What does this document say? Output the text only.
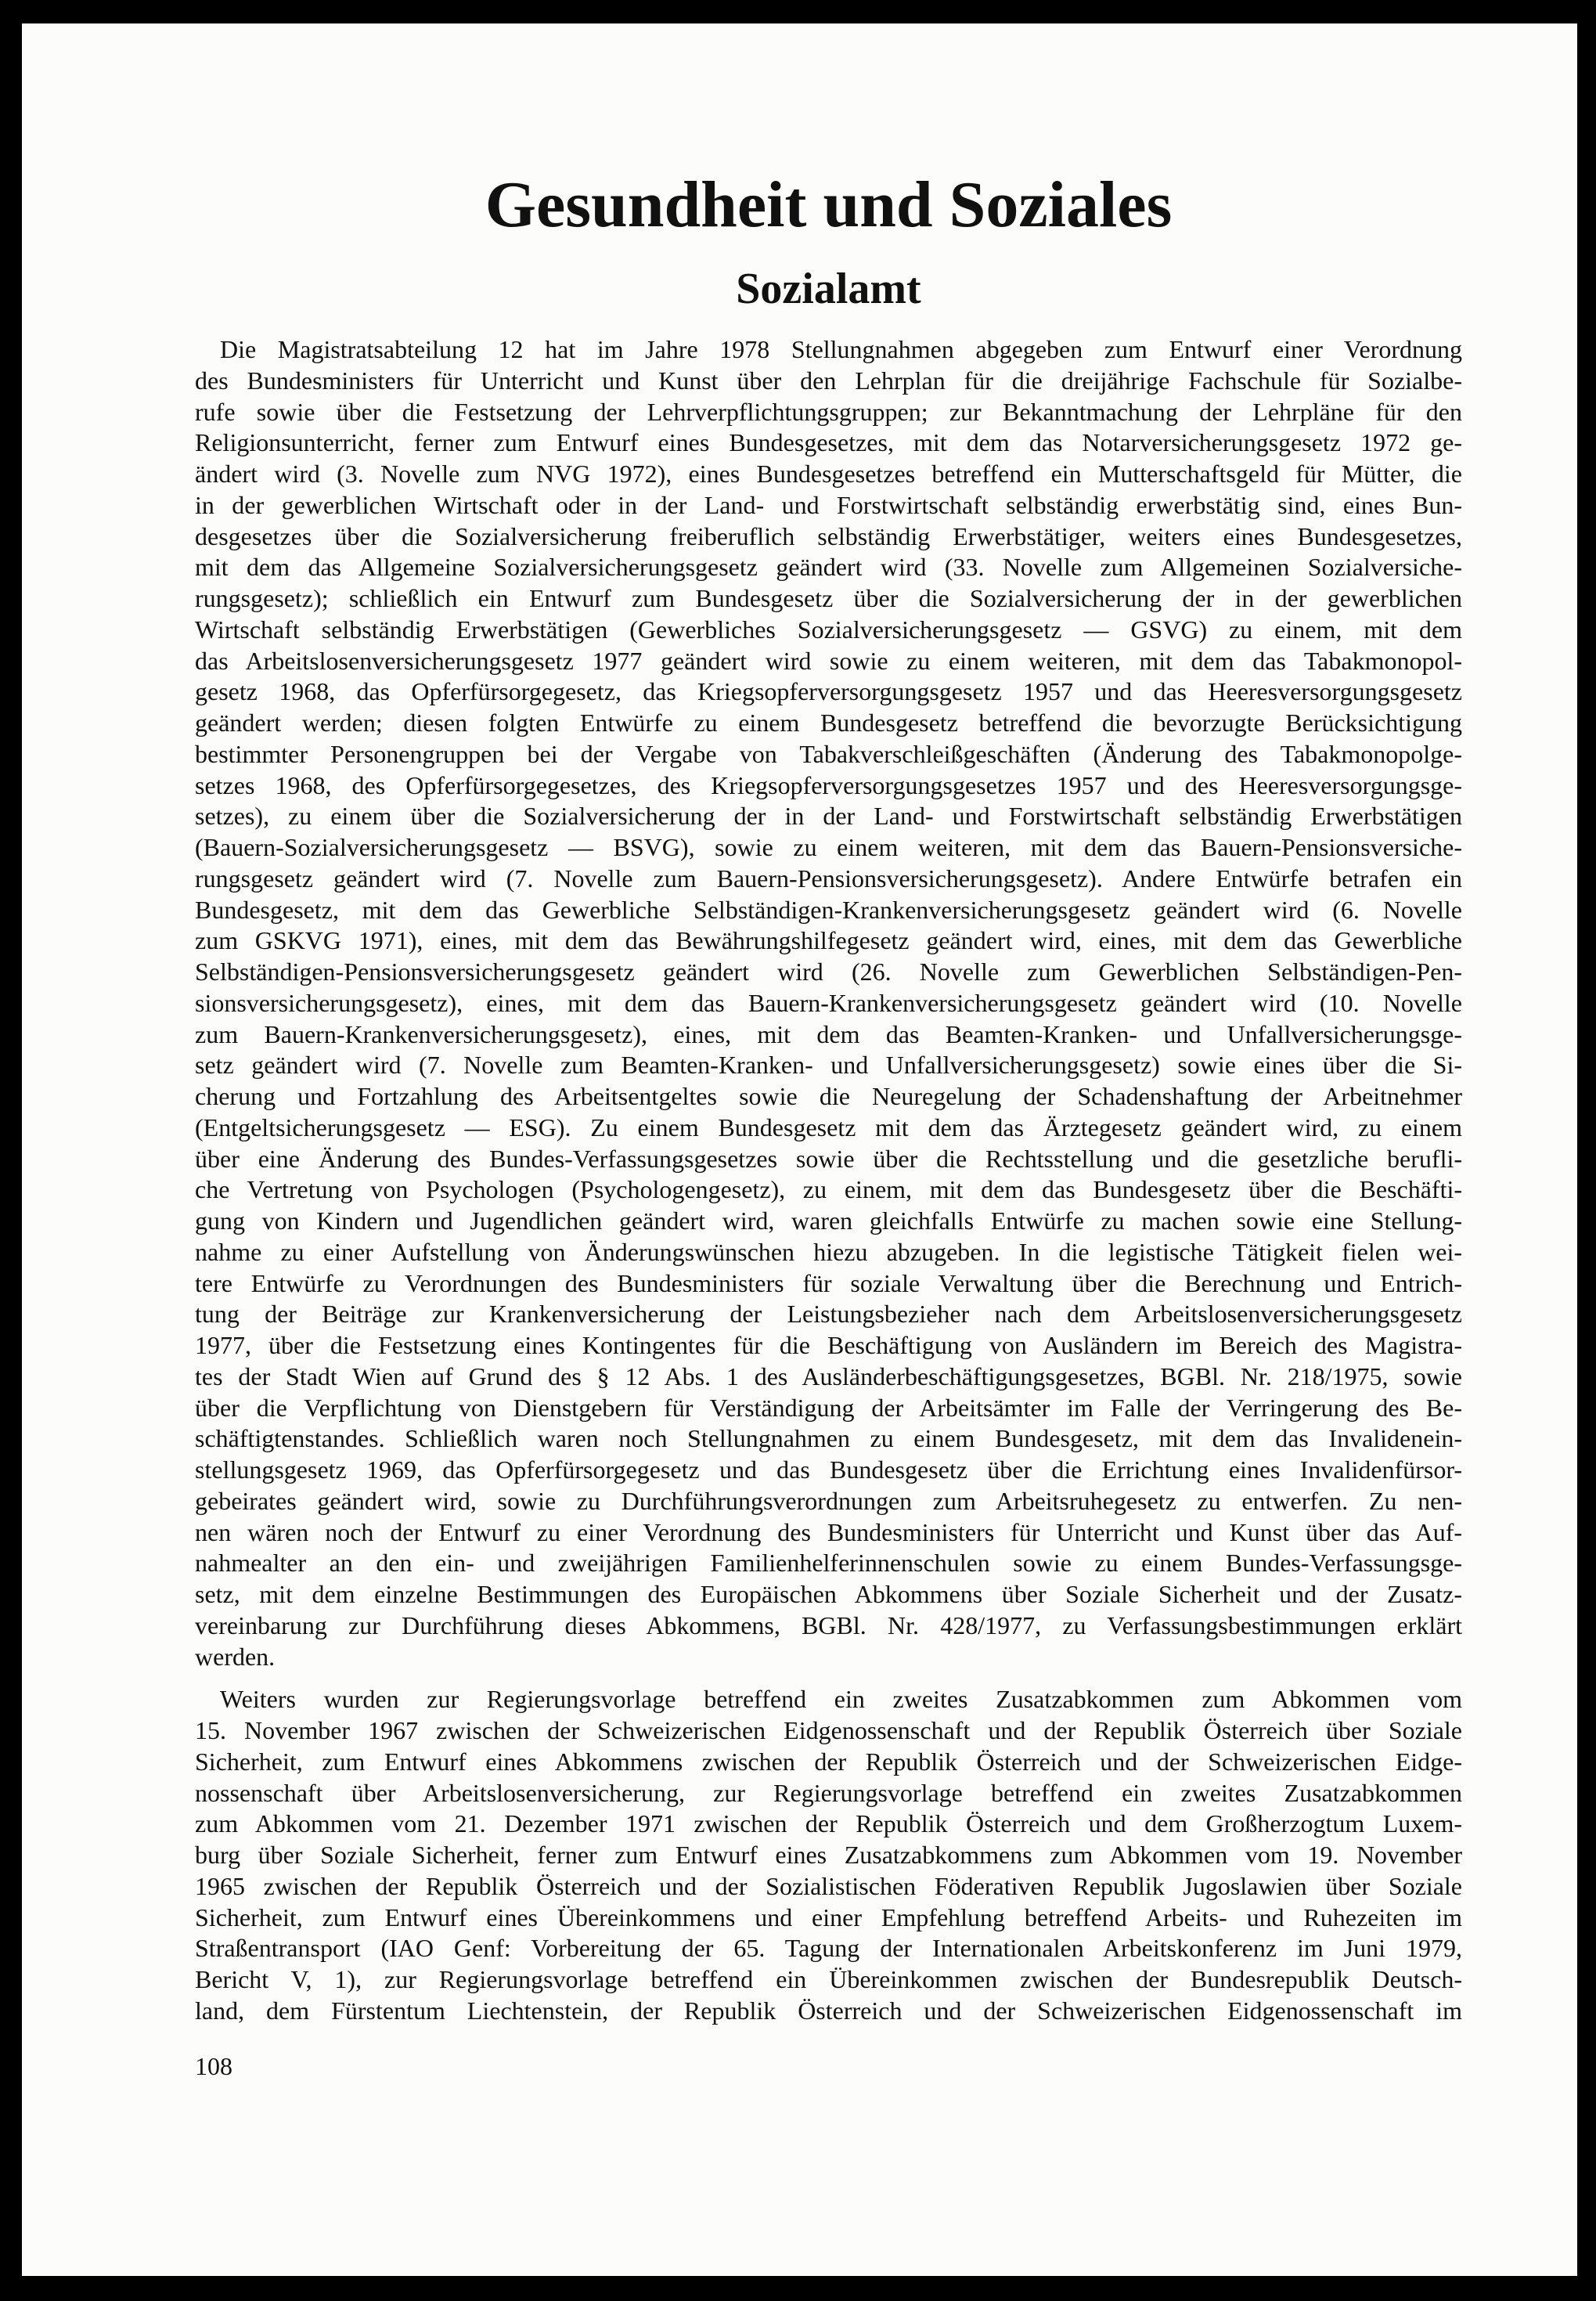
Gesundheit und Soziales
Sozialamt
Die Magistratsabteilung 12 hat im Jahre 1978 Stellungnahmen abgegeben zum Entwurf einer Verordnung
des Bundesministers für Unterricht und Kunst über den Lehrplan für die dreijährige Fachschule für Sozialbe-
rufe sowie über die Festsetzung der Lehrverpflichtungsgruppen; zur Bekanntmachung der Lehrpläne für den
Religionsunterricht, ferner zum Entwurf eines Bundesgesetzes, mit dem das Notarversicherungsgesetz 1972 ge-
ändert wird (3. Novelle zum NVG 1972), eines Bundesgesetzes betreffend ein Mutterschaftsgeld für Mütter, die
in der gewerblichen Wirtschaft oder in der Land- und Forstwirtschaft selbständig erwerbstätig sind, eines Bun-
desgesetzes über die Sozialversicherung freiberuflich selbständig Erwerbstätiger, weiters eines Bundesgesetzes,
mit dem das Allgemeine Sozialversicherungsgesetz geändert wird (33. Novelle zum Allgemeinen Sozialversiche-
rungsgesetz); schließlich ein Entwurf zum Bundesgesetz über die Sozialversicherung der in der gewerblichen
Wirtschaft selbständig Erwerbstätigen (Gewerbliches Sozialversicherungsgesetz — GSVG) zu einem, mit dem
das Arbeitslosenversicherungsgesetz 1977 geändert wird sowie zu einem weiteren, mit dem das Tabakmonopol-
gesetz 1968, das Opferfürsorgegesetz, das Kriegsopferversorgungsgesetz 1957 und das Heeresversorgungsgesetz
geändert werden; diesen folgten Entwürfe zu einem Bundesgesetz betreffend die bevorzugte Berücksichtigung
bestimmter Personengruppen bei der Vergabe von Tabakverschleißgeschäften (Änderung des Tabakmonopolge-
setzes 1968, des Opferfürsorgegesetzes, des Kriegsopferversorgungsgesetzes 1957 und des Heeresversorgungsge-
setzes), zu einem über die Sozialversicherung der in der Land- und Forstwirtschaft selbständig Erwerbstätigen
(Bauern-Sozialversicherungsgesetz — BSVG), sowie zu einem weiteren, mit dem das Bauern-Pensionsversiche-
rungsgesetz geändert wird (7. Novelle zum Bauern-Pensionsversicherungsgesetz). Andere Entwürfe betrafen ein
Bundesgesetz, mit dem das Gewerbliche Selbständigen-Krankenversicherungsgesetz geändert wird (6. Novelle
zum GSKVG 1971), eines, mit dem das Bewährungshilfegesetz geändert wird, eines, mit dem das Gewerbliche
Selbständigen-Pensionsversicherungsgesetz geändert wird (26. Novelle zum Gewerblichen Selbständigen-Pen-
sionsversicherungsgesetz), eines, mit dem das Bauern-Krankenversicherungsgesetz geändert wird (10. Novelle
zum Bauern-Krankenversicherungsgesetz), eines, mit dem das Beamten-Kranken- und Unfallversicherungsge-
setz geändert wird (7. Novelle zum Beamten-Kranken- und Unfallversicherungsgesetz) sowie eines über die Si-
cherung und Fortzahlung des Arbeitsentgeltes sowie die Neuregelung der Schadenshaftung der Arbeitnehmer
(Entgeltsicherungsgesetz — ESG). Zu einem Bundesgesetz mit dem das Ärztegesetz geändert wird, zu einem
über eine Änderung des Bundes-Verfassungsgesetzes sowie über die Rechtsstellung und die gesetzliche berufli-
che Vertretung von Psychologen (Psychologengesetz), zu einem, mit dem das Bundesgesetz über die Beschäfti-
gung von Kindern und Jugendlichen geändert wird, waren gleichfalls Entwürfe zu machen sowie eine Stellung-
nahme zu einer Aufstellung von Änderungswünschen hiezu abzugeben. In die legistische Tätigkeit fielen wei-
tere Entwürfe zu Verordnungen des Bundesministers für soziale Verwaltung über die Berechnung und Entrich-
tung der Beiträge zur Krankenversicherung der Leistungsbezieher nach dem Arbeitslosenversicherungsgesetz
1977, über die Festsetzung eines Kontingentes für die Beschäftigung von Ausländern im Bereich des Magistra-
tes der Stadt Wien auf Grund des § 12 Abs. 1 des Ausländerbeschäftigungsgesetzes, BGBl. Nr. 218/1975, sowie
über die Verpflichtung von Dienstgebern für Verständigung der Arbeitsämter im Falle der Verringerung des Be-
schäftigtenstandes. Schließlich waren noch Stellungnahmen zu einem Bundesgesetz, mit dem das Invalidenein-
stellungsgesetz 1969, das Opferfürsorgegesetz und das Bundesgesetz über die Errichtung eines Invalidenfürsor-
gebeirates geändert wird, sowie zu Durchführungsverordnungen zum Arbeitsruhegesetz zu entwerfen. Zu nen-
nen wären noch der Entwurf zu einer Verordnung des Bundesministers für Unterricht und Kunst über das Auf-
nahmealter an den ein- und zweijährigen Familienhelferinnenschulen sowie zu einem Bundes-Verfassungsge-
setz, mit dem einzelne Bestimmungen des Europäischen Abkommens über Soziale Sicherheit und der Zusatz-
vereinbarung zur Durchführung dieses Abkommens, BGBl. Nr. 428/1977, zu Verfassungsbestimmungen erklärt
werden.
Weiters wurden zur Regierungsvorlage betreffend ein zweites Zusatzabkommen zum Abkommen vom
15. November 1967 zwischen der Schweizerischen Eidgenossenschaft und der Republik Österreich über Soziale
Sicherheit, zum Entwurf eines Abkommens zwischen der Republik Österreich und der Schweizerischen Eidge-
nossenschaft über Arbeitslosenversicherung, zur Regierungsvorlage betreffend ein zweites Zusatzabkommen
zum Abkommen vom 21. Dezember 1971 zwischen der Republik Österreich und dem Großherzogtum Luxem-
burg über Soziale Sicherheit, ferner zum Entwurf eines Zusatzabkommens zum Abkommen vom 19. November
1965 zwischen der Republik Österreich und der Sozialistischen Föderativen Republik Jugoslawien über Soziale
Sicherheit, zum Entwurf eines Übereinkommens und einer Empfehlung betreffend Arbeits- und Ruhezeiten im
Straßentransport (IAO Genf: Vorbereitung der 65. Tagung der Internationalen Arbeitskonferenz im Juni 1979,
Bericht V, 1), zur Regierungsvorlage betreffend ein Übereinkommen zwischen der Bundesrepublik Deutsch-
land, dem Fürstentum Liechtenstein, der Republik Österreich und der Schweizerischen Eidgenossenschaft im
108
